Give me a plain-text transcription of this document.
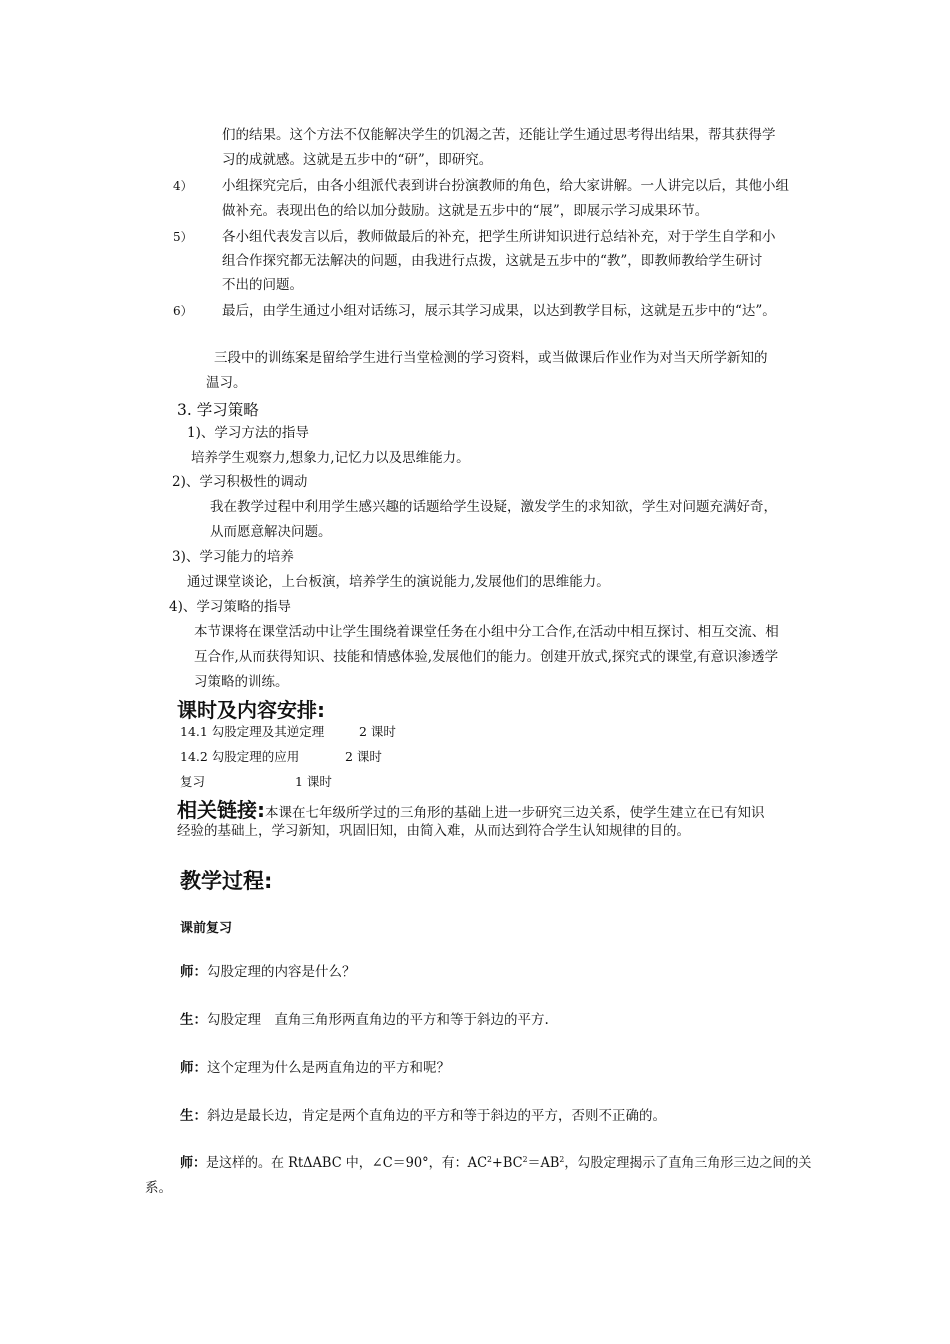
们的结果。这个方法不仅能解决学生的饥渴之苦，还能让学生通过思考得出结果，帮其获得学
习的成就感。这就是五步中的“研”，即研究。
4） 小组探究完后，由各小组派代表到讲台扮演教师的角色，给大家讲解。一人讲完以后，其他小组
做补充。表现出色的给以加分鼓励。这就是五步中的“展”，即展示学习成果环节。
5） 各小组代表发言以后，教师做最后的补充，把学生所讲知识进行总结补充，对于学生自学和小
组合作探究都无法解决的问题，由我进行点拨，这就是五步中的“教”，即教师教给学生研讨
不出的问题。
6） 最后，由学生通过小组对话练习，展示其学习成果，以达到教学目标，这就是五步中的“达”。
三段中的训练案是留给学生进行当堂检测的学习资料，或当做课后作业作为对当天所学新知的
温习。
3. 学习策略
1)、学习方法的指导
培养学生观察力,想象力,记忆力以及思维能力。
2)、学习积极性的调动
我在教学过程中利用学生感兴趣的话题给学生设疑，激发学生的求知欲，学生对问题充满好奇，
从而愿意解决问题。
3)、学习能力的培养
通过课堂谈论，上台板演，培养学生的演说能力,发展他们的思维能力。
4)、学习策略的指导
本节课将在课堂活动中让学生围绕着课堂任务在小组中分工合作,在活动中相互探讨、相互交流、相
互合作,从而获得知识、技能和情感体验,发展他们的能力。创建开放式,探究式的课堂,有意识渗透学
习策略的训练。
课时及内容安排:
14.1 勾股定理及其逆定理	2 课时
14.2 勾股定理的应用	2 课时
复习	1 课时
相关链接:本课在七年级所学过的三角形的基础上进一步研究三边关系，使学生建立在已有知识
经验的基础上，学习新知，巩固旧知，由简入难，从而达到符合学生认知规律的目的。
教学过程:
课前复习
师：勾股定理的内容是什么？
生：勾股定理　直角三角形两直角边的平方和等于斜边的平方.
师：这个定理为什么是两直角边的平方和呢？
生：斜边是最长边，肯定是两个直角边的平方和等于斜边的平方，否则不正确的。
师：是这样的。在 RtΔABC 中，∠C＝90°，有：$AC^2+BC^2=AB^2$，勾股定理揭示了直角三角形三边之间的关
系。
